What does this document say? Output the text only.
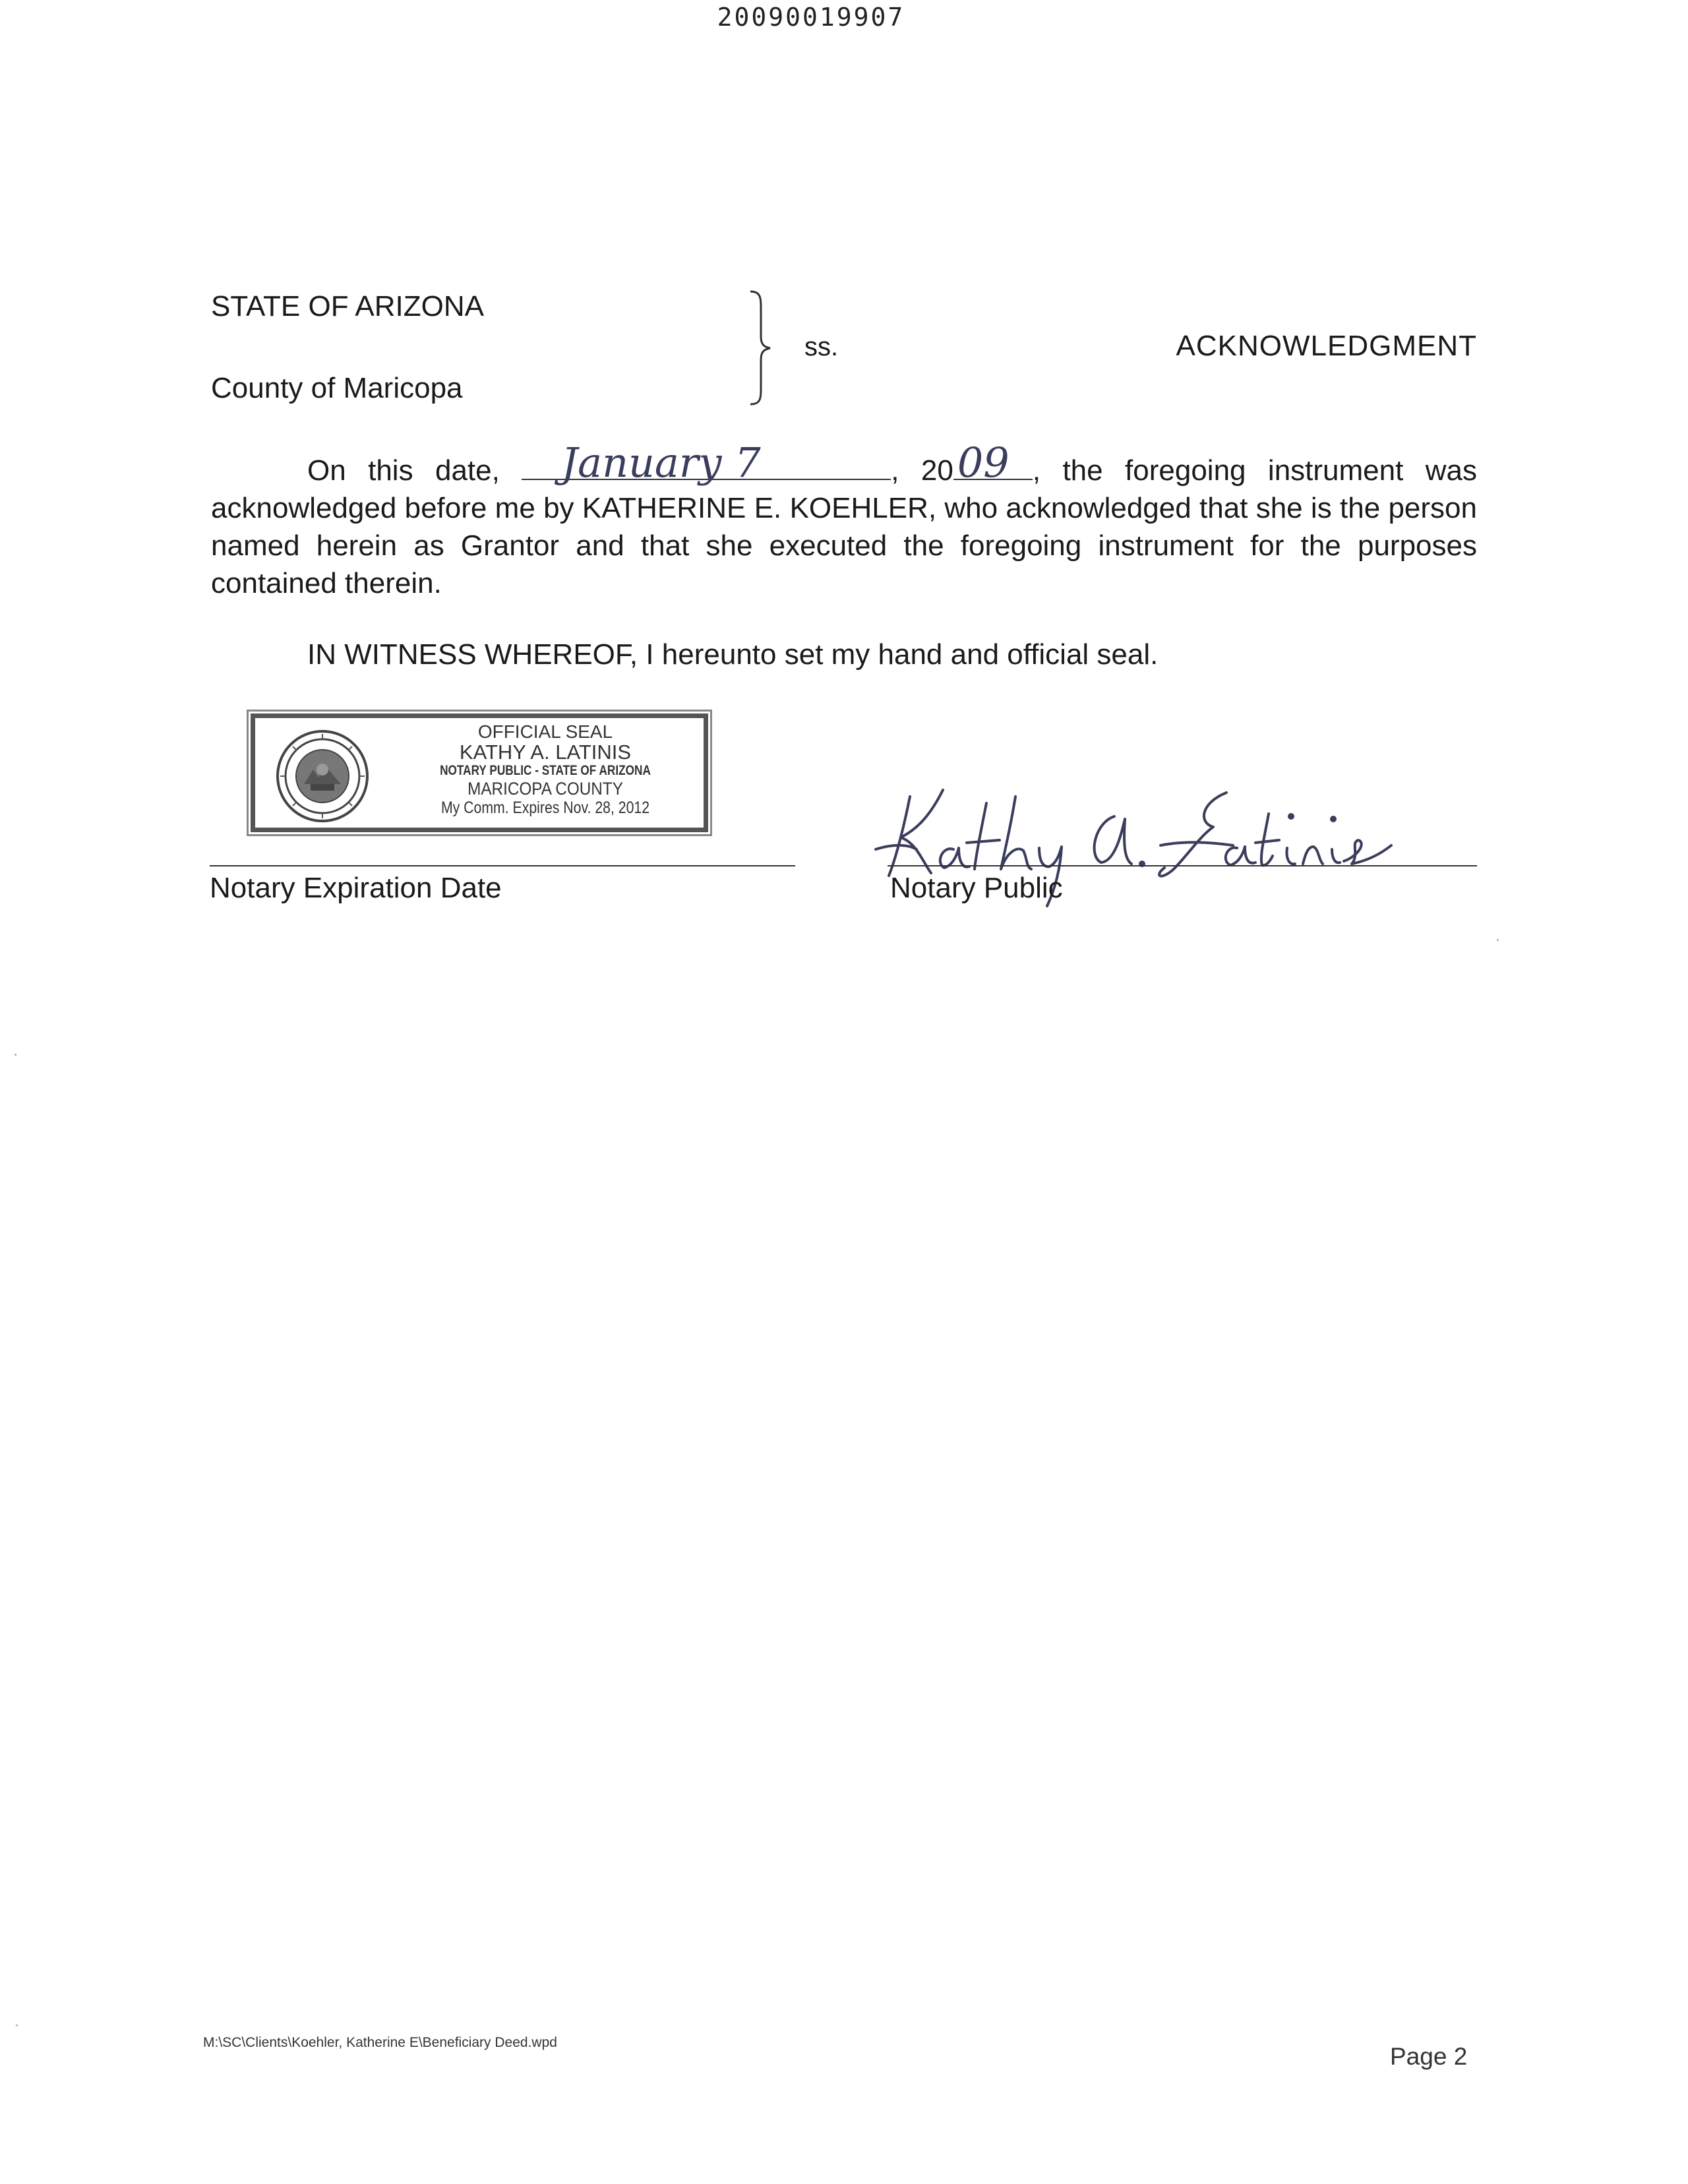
20090019907
STATE OF ARIZONA
County of Maricopa
ss.	ACKNOWLEDGMENT
On this date, January 7	, 20 09 , the foregoing instrument was acknowledged before me by KATHERINE E. KOEHLER, who acknowledged that she is the person named herein as Grantor and that she executed the foregoing instrument for the purposes contained therein.
IN WITNESS WHEREOF, I hereunto set my hand and official seal.
OFFICIAL SEAL
KATHY A. LATINIS
NOTARY PUBLIC - STATE OF ARIZONA
MARICOPA COUNTY
My Comm. Expires Nov. 28, 2012
Notary Expiration Date	Notary Public
M:\SC\Clients\Koehler, Katherine E\Beneficiary Deed.wpd
Page 2
